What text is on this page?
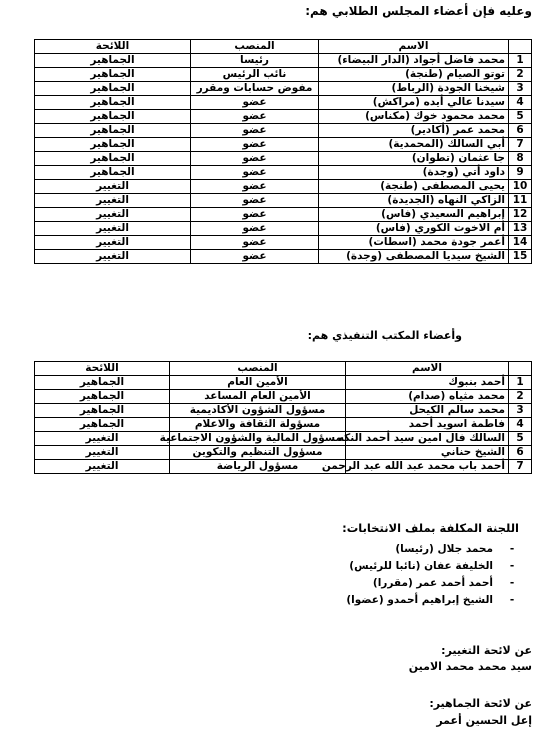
وعليه فإن أعضاء المجلس الطلابي هم:
	الاسم	المنصب	اللائحة
1	محمد فاضل أجواد (الدار البيضاء)	رئيسا	الجماهير
2	توتو الصيام (طنجة)	نائب الرئيس	الجماهير
3	شيخنا الجودة (الرباط)	مفوض حسابات ومقرر	الجماهير
4	سيدنا عالي أيده (مراكش)	عضو	الجماهير
5	محمد محمود خوك (مكناس)	عضو	الجماهير
6	محمد عمر (أكادير)	عضو	الجماهير
7	أبي السالك (المحمدية)	عضو	الجماهير
8	جا عثمان (تطوان)	عضو	الجماهير
9	داود أتي (وجدة)	عضو	الجماهير
10	يحيى المصطفى (طنجة)	عضو	التغيير
11	الزاكي النهاه (الجديدة)	عضو	التغيير
12	إبراهيم السعيدي (فاس)	عضو	التغيير
13	أم الاخوت الكوري (فاس)	عضو	التغيير
14	أعمر جودة محمد (اسطات)	عضو	التغيير
15	الشيخ سيديا المصطفى (وجدة)	عضو	التغيير
وأعضاء المكتب التنفيذي هم:
	الاسم	المنصب	اللائحة
1	أحمد بنبوك	الأمين العام	الجماهير
2	محمد مثياه (صدام)	الأمين العام المساعد	الجماهير
3	محمد سالم الكيحل	مسؤول الشؤون الأكاديمية	الجماهير
4	فاطمة اسويد أحمد	مسؤولة الثقافة والاعلام	الجماهير
5	السالك فال امين سيد أحمد النكه	مسؤول المالية والشؤون الاجتماعية	التغيير
6	الشيخ حناني	مسؤول التنظيم والتكوين	التغيير
7	أحمد باب محمد عبد الله عبد الرحمن	مسؤول الرياضة	التغيير
اللجنة المكلفة بملف الانتخابات:
-
محمد جلال (رئيسا)
-
الخليفة عفان (نائبا للرئيس)
-
أحمد أحمد عمر (مقررا)
-
الشيخ إبراهيم أحمدو (عضوا)
عن لائحة التغيير:
سيد محمد محمد الامين
عن لائحة الجماهير:
إعل الحسين أعمر
